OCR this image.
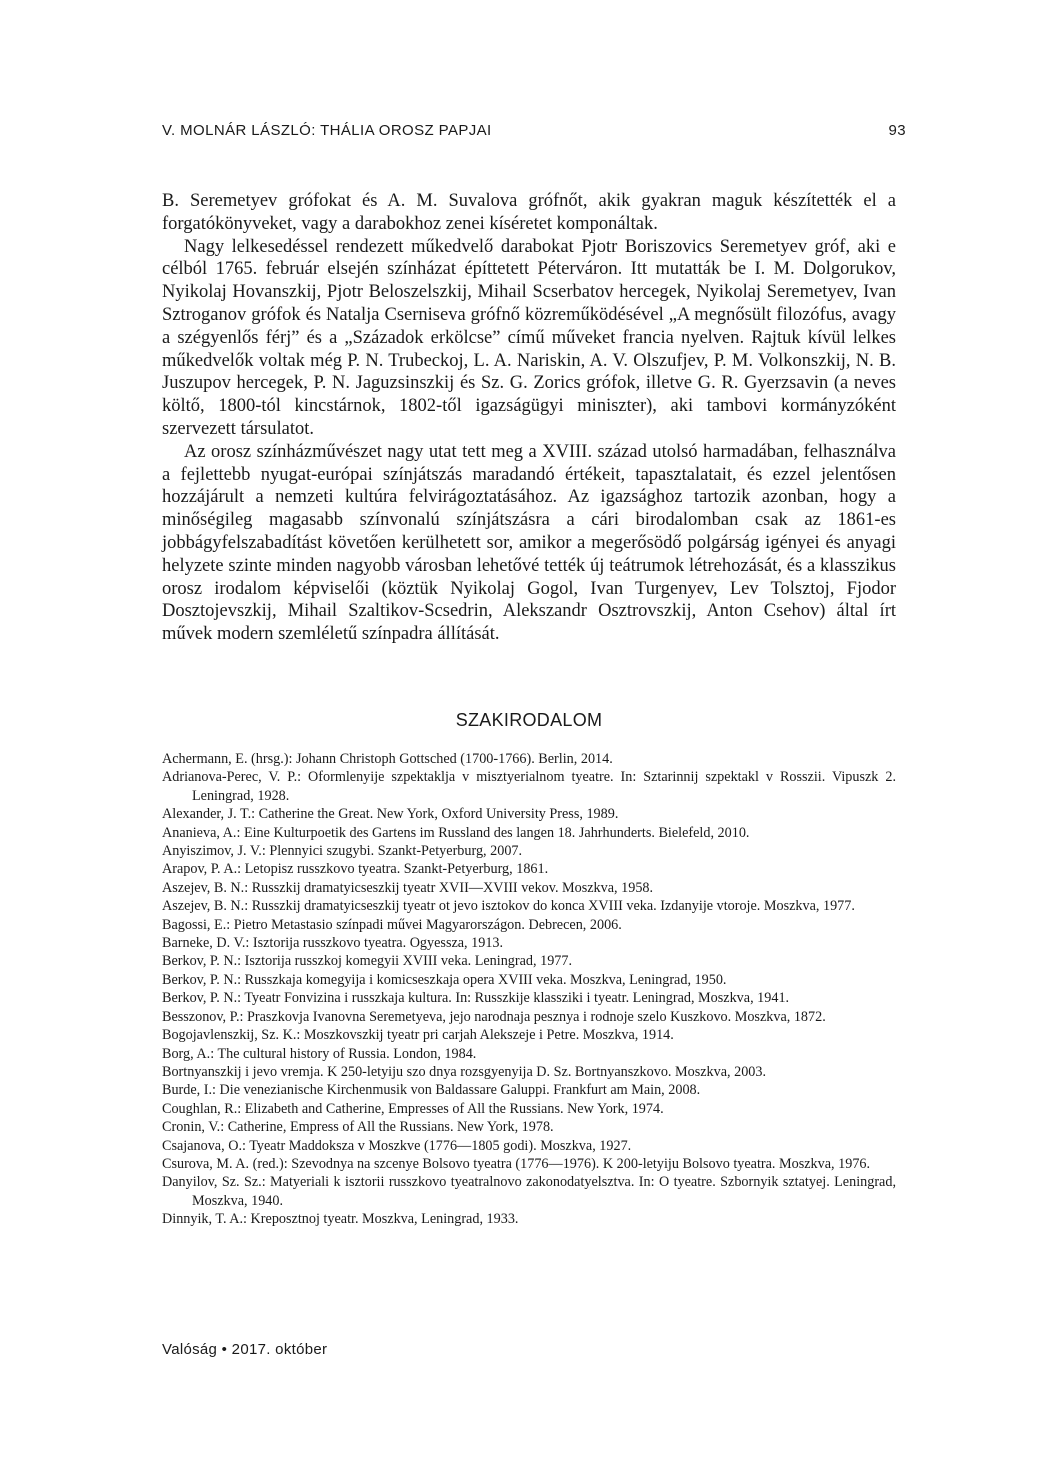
V. MOLNÁR LÁSZLÓ: THÁLIA OROSZ PAPJAI	93

B. Seremetyev grófokat és A. M. Suvalova grófnőt, akik gyakran maguk készítették el a forgatókönyveket, vagy a darabokhoz zenei kíséretet komponáltak.

Nagy lelkesedéssel rendezett műkedvelő darabokat Pjotr Boriszovics Seremetyev gróf, aki e célból 1765. február elsején színházat építtetett Péterváron. Itt mutatták be I. M. Dolgorukov, Nyikolaj Hovanszkij, Pjotr Beloszelszkij, Mihail Scserbatov hercegek, Nyikolaj Seremetyev, Ivan Sztroganov grófok és Natalja Cserniseva grófnő közreműködésével „A megnősült filozófus, avagy a szégyenlős férj” és a „Századok erkölcse” című műveket francia nyelven. Rajtuk kívül lelkes műkedvelők voltak még P. N. Trubeckoj, L. A. Nariskin, A. V. Olszufjev, P. M. Volkonszkij, N. B. Juszupov hercegek, P. N. Jaguzsinszkij és Sz. G. Zorics grófok, illetve G. R. Gyerzsavin (a neves költő, 1800-tól kincstárnok, 1802-től igazságügyi miniszter), aki tambovi kormányzóként szervezett társulatot.

Az orosz színházművészet nagy utat tett meg a XVIII. század utolsó harmadában, felhasználva a fejlettebb nyugat-európai színjátszás maradandó értékeit, tapasztalatait, és ezzel jelentősen hozzájárult a nemzeti kultúra felvirágoztatásához. Az igazsághoz tartozik azonban, hogy a minőségileg magasabb színvonalú színjátszásra a cári birodalomban csak az 1861-es jobbágyfelszabadítást követően kerülhetett sor, amikor a megerősödő polgárság igényei és anyagi helyzete szinte minden nagyobb városban lehetővé tették új teátrumok létrehozását, és a klasszikus orosz irodalom képviselői (köztük Nyikolaj Gogol, Ivan Turgenyev, Lev Tolsztoj, Fjodor Dosztojevszkij, Mihail Szaltikov-Scsedrin, Alekszandr Osztrovszkij, Anton Csehov) által írt művek modern szemléletű színpadra állítását.

SZAKIRODALOM

Achermann, E. (hrsg.): Johann Christoph Gottsched (1700-1766). Berlin, 2014.

Adrianova-Perec, V. P.: Oformlenyije szpektaklja v misztyerialnom tyeatre. In: Sztarinnij szpektakl v Rosszii. Vipuszk 2. Leningrad, 1928.

Alexander, J. T.: Catherine the Great. New York, Oxford University Press, 1989.

Ananieva, A.: Eine Kulturpoetik des Gartens im Russland des langen 18. Jahrhunderts. Bielefeld, 2010.

Anyiszimov, J. V.: Plennyici szugybi. Szankt-Petyerburg, 2007.

Arapov, P. A.: Letopisz russzkovo tyeatra. Szankt-Petyerburg, 1861.

Aszejev, B. N.: Russzkij dramatyicseszkij tyeatr XVII—XVIII vekov. Moszkva, 1958.

Aszejev, B. N.: Russzkij dramatyicseszkij tyeatr ot jevo isztokov do konca XVIII veka. Izdanyije vtoroje. Moszkva, 1977.

Bagossi, E.: Pietro Metastasio színpadi művei Magyarországon. Debrecen, 2006.

Barneke, D. V.: Isztorija russzkovo tyeatra. Ogyessza, 1913.

Berkov, P. N.: Isztorija russzkoj komegyii XVIII veka. Leningrad, 1977.

Berkov, P. N.: Russzkaja komegyija i komicseszkaja opera XVIII veka. Moszkva, Leningrad, 1950.

Berkov, P. N.: Tyeatr Fonvizina i russzkaja kultura. In: Russzkije klasszikі i tyeatr. Leningrad, Moszkva, 1941.

Besszonov, P.: Praszkovja Ivanovna Seremetyeva, jejo narodnaja pesznya i rodnoje szelo Kuszkovo. Moszkva, 1872.

Bogojavlenszkij, Sz. K.: Moszkovszkij tyeatr pri carjah Alekszeje i Petre. Moszkva, 1914.

Borg, A.: The cultural history of Russia. London, 1984.

Bortnyanszkij i jevo vremja. K 250-letyiju szo dnya rozsgyenyija D. Sz. Bortnyanszkovo. Moszkva, 2003.

Burde, I.: Die venezianische Kirchenmusik von Baldassare Galuppi. Frankfurt am Main, 2008.

Coughlan, R.: Elizabeth and Catherine, Empresses of All the Russians. New York, 1974.

Cronin, V.: Catherine, Empress of All the Russians. New York, 1978.

Csajanova, O.: Tyeatr Maddoksza v Moszkve (1776—1805 godi). Moszkva, 1927.

Csurova, M. A. (red.): Szevodnya na szcenye Bolsovo tyeatra (1776—1976). K 200-letyiju Bolsovo tyeatra. Moszkva, 1976.

Danyilov, Sz. Sz.: Matyeriali k isztorii russzkovo tyeatralnovo zakonodatyelsztva. In: O tyeatre. Szbornyik sztatyej. Leningrad, Moszkva, 1940.

Dinnyik, T. A.: Kreposztnoj tyeatr. Moszkva, Leningrad, 1933.

Valóság • 2017. október
